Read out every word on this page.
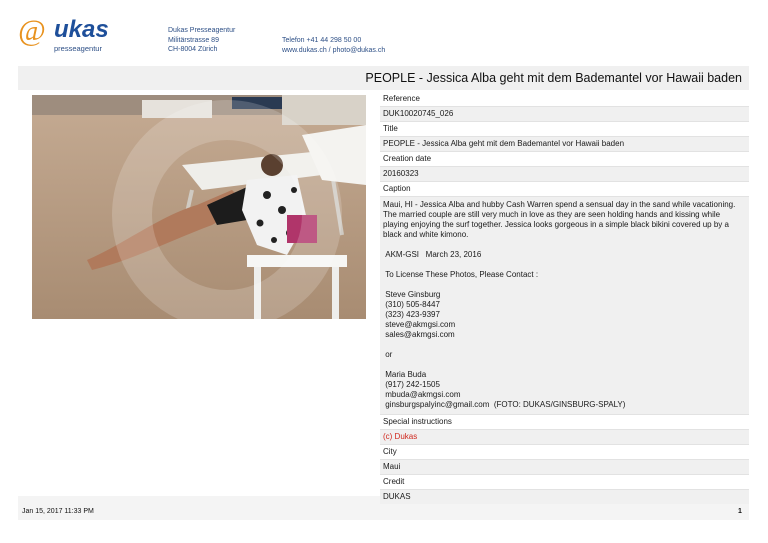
@ ukas
presseagentur
Dukas Presseagentur
Militärstrasse 89
CH-8004 Zürich
Telefon +41 44 298 50 00
www.dukas.ch / photo@dukas.ch
PEOPLE - Jessica Alba geht mit dem Bademantel vor Hawaii baden
Reference
DUK10020745_026
Title
PEOPLE - Jessica Alba geht mit dem Bademantel vor Hawaii baden
Creation date
20160323
Caption
Maui, HI - Jessica Alba and hubby Cash Warren spend a sensual day in the sand while vacationing. The married couple are still very much in love as they are seen holding hands and kissing while playing enjoying the surf together. Jessica looks gorgeous in a simple black bikini covered up by a black and white kimono.

AKM-GSI   March 23, 2016

To License These Photos, Please Contact :

Steve Ginsburg
(310) 505-8447
(323) 423-9397
steve@akmgsi.com
sales@akmgsi.com

or

Maria Buda
(917) 242-1505
mbuda@akmgsi.com
ginsburgspalyinc@gmail.com  (FOTO: DUKAS/GINSBURG-SPALY)
Special instructions
(c) Dukas
City
Maui
Credit
DUKAS
Jan 15, 2017 11:33 PM	1
